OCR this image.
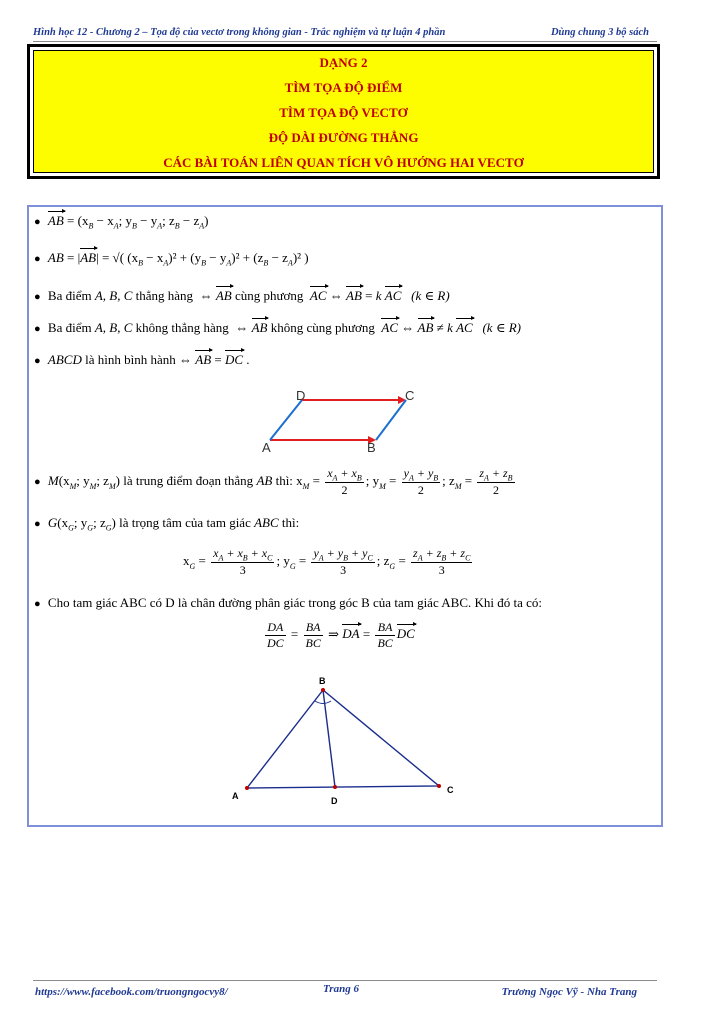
Hình học 12 - Chương 2 – Tọa độ của vectơ trong không gian - Trắc nghiệm và tự luận 4 phần	Dùng chung 3 bộ sách
DẠNG 2
TÌM TỌA ĐỘ ĐIỂM
TÌM TỌA ĐỘ VECTƠ
ĐỘ DÀI ĐƯỜNG THẲNG
CÁC BÀI TOÁN LIÊN QUAN TÍCH VÔ HƯỚNG HAI VECTƠ
● AB = ($x_B - x_A$; $y_B - y_A$; $z_B - z_A$)
● AB = |AB| = √( $(x_B - x_A)^2 + (y_B - y_A)^2 + (z_B - z_A)^2$ )
● Ba điểm A, B, C thẳng hàng  ⇔ AB cùng phương AC ⇔ AB = k AC (k ∈ R)
● Ba điểm A, B, C không thẳng hàng  ⇔ AB không cùng phương AC ⇔ AB ≠ k AC (k ∈ R)
● ABCD là hình bình hành ⇔ AB = DC .
A	B
C
D
● $M(x_M$; $y_M$; $z_M$) là trung điểm đoạn thẳng AB thì: $x_M = \frac{x_A + x_B}{2}$ ; $y_M = \frac{y_A + y_B}{2}$ ; $z_M = \frac{z_A + z_B}{2}$
● $G(x_G$; $y_G$; $z_G$) là trọng tâm của tam giác ABC thì:
$x_G = \frac{x_A + x_B + x_C}{3}$ ; $y_G = \frac{y_A + y_B + y_C}{3}$ ; $z_G = \frac{z_A + z_B + z_C}{3}$
● Cho tam giác ABC có D là chân đường phân giác trong góc B của tam giác ABC. Khi đó ta có:
$\frac{DA}{DC} = \frac{BA}{BC}$ ⇒ DA = $\frac{BA}{BC}$ DC
A
B
C
D
https://www.facebook.com/truongngocvy8/	Trang 6	Trương Ngọc Vỹ - Nha Trang
